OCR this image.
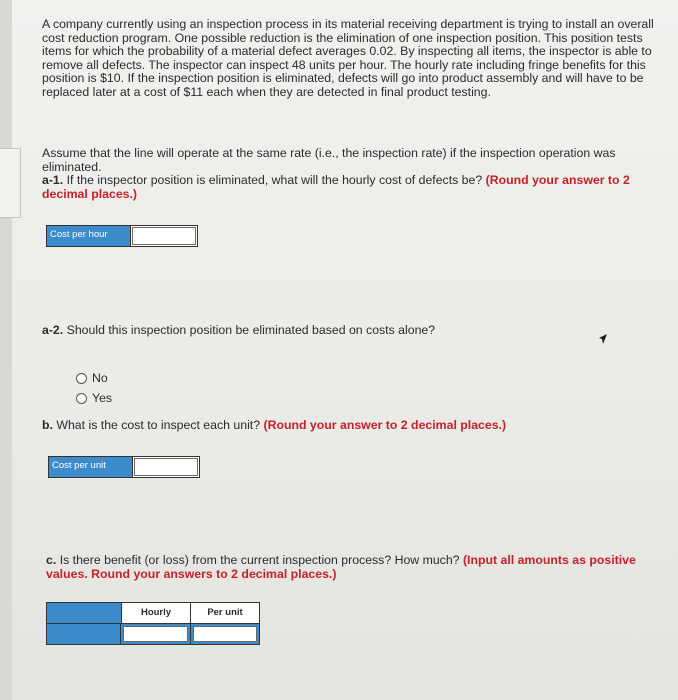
A company currently using an inspection process in its material receiving department is trying to install an overall cost reduction program. One possible reduction is the elimination of one inspection position. This position tests items for which the probability of a material defect averages 0.02. By inspecting all items, the inspector is able to remove all defects. The inspector can inspect 48 units per hour. The hourly rate including fringe benefits for this position is $10. If the inspection position is eliminated, defects will go into product assembly and will have to be replaced later at a cost of $11 each when they are detected in final product testing.
Assume that the line will operate at the same rate (i.e., the inspection rate) if the inspection operation was eliminated.
a-1. If the inspector position is eliminated, what will the hourly cost of defects be? (Round your answer to 2 decimal places.)
Cost per hour
a-2. Should this inspection position be eliminated based on costs alone?
No
Yes
b. What is the cost to inspect each unit? (Round your answer to 2 decimal places.)
Cost per unit
c. Is there benefit (or loss) from the current inspection process? How much? (Input all amounts as positive values. Round your answers to 2 decimal places.)
Hourly	Per unit
